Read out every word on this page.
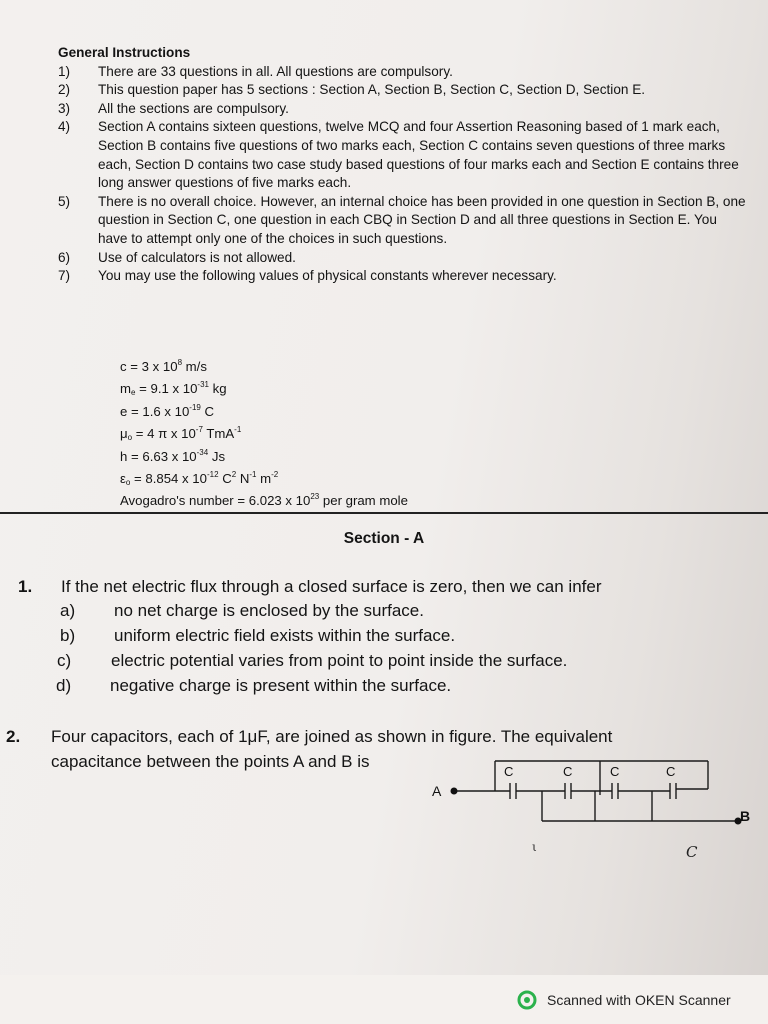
General Instructions
1)	There are 33 questions in all. All questions are compulsory.
2)	This question paper has 5 sections : Section A, Section B, Section C, Section D, Section E.
3)	All the sections are compulsory.
4)	Section A contains sixteen questions, twelve MCQ and four Assertion Reasoning based of 1 mark each, Section B contains five questions of two marks each, Section C contains seven questions of three marks each, Section D contains two case study based questions of four marks each and Section E contains three long answer questions of five marks each.
5)	There is no overall choice. However, an internal choice has been provided in one question in Section B, one question in Section C, one question in each CBQ in Section D and all three questions in Section E. You have to attempt only one of the choices in such questions.
6)	Use of calculators is not allowed.
7)	You may use the following values of physical constants wherever necessary.
c = 3 x $10^8$ m/s
$m_e = 9.1$ x $10^{-31}$ kg
e = 1.6 x $10^{-19}$ C
$\mu_o = 4$ π x $10^{-7}$ TmA$^{-1}$
h = 6.63 x $10^{-34}$ Js
$\varepsilon_o = 8.854$ x $10^{-12}$ $C^2$ $N^{-1}$ $m^{-2}$
Avogadro's number = 6.023 x $10^{23}$ per gram mole
Section - A
1. If the net electric flux through a closed surface is zero, then we can infer
a) no net charge is enclosed by the surface.
b) uniform electric field exists within the surface.
c) electric potential varies from point to point inside the surface.
d) negative charge is present within the surface.
2. Four capacitors, each of 1μF, are joined as shown in figure. The equivalent
capacitance between the points A and B is
A
B
C	C	C	C
ι	C
Scanned with OKEN Scanner
